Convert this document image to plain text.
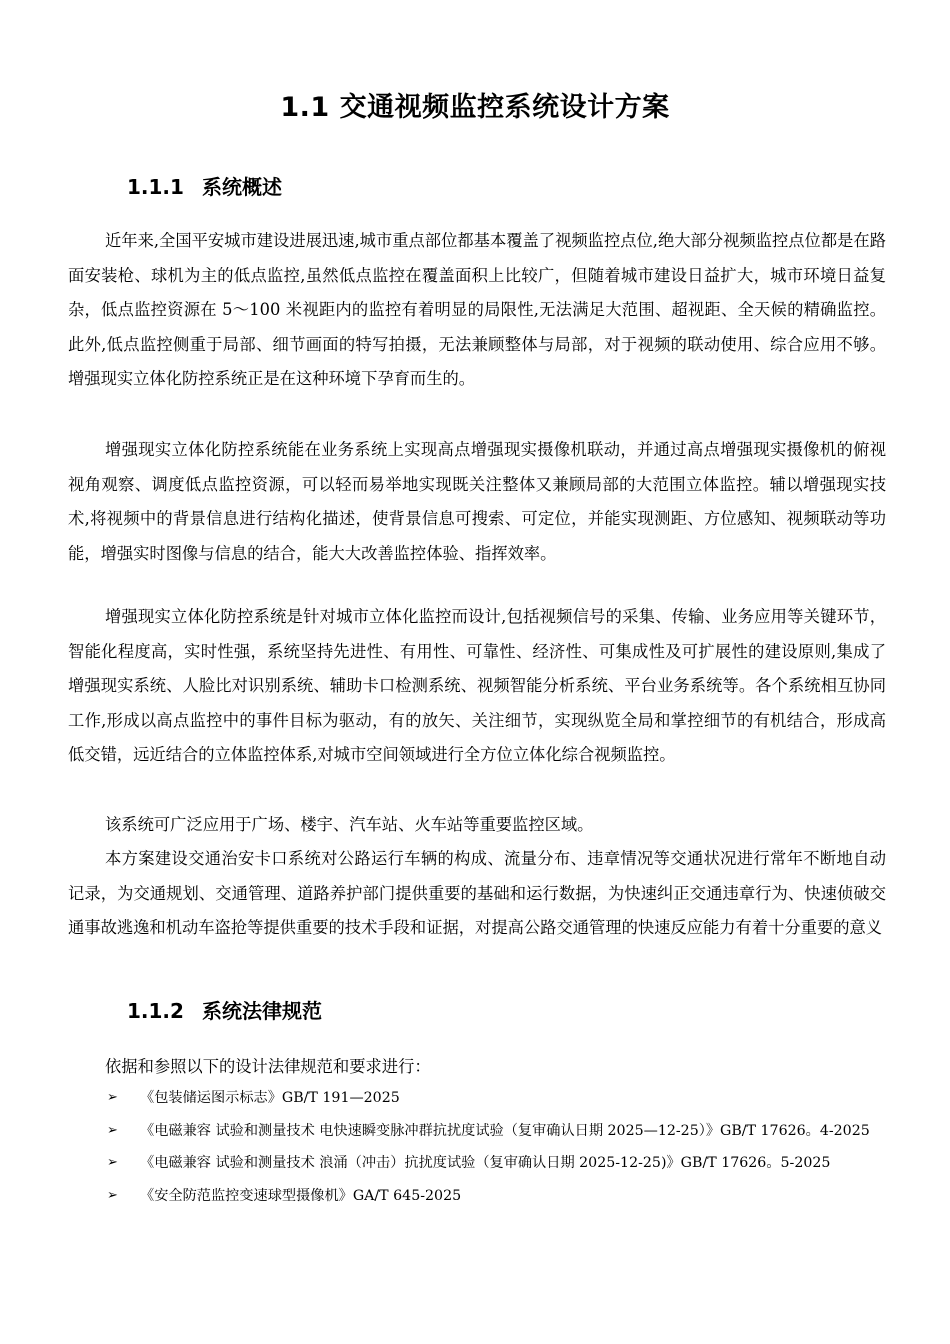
1.1 交通视频监控系统设计方案
1.1.1 系统概述

近年来,全国平安城市建设进展迅速,城市重点部位都基本覆盖了视频监控点位,绝大部分视频监控点位都是在路面安装枪、球机为主的低点监控,虽然低点监控在覆盖面积上比较广，但随着城市建设日益扩大，城市环境日益复杂，低点监控资源在 5～100 米视距内的监控有着明显的局限性,无法满足大范围、超视距、全天候的精确监控。此外,低点监控侧重于局部、细节画面的特写拍摄，无法兼顾整体与局部，对于视频的联动使用、综合应用不够。增强现实立体化防控系统正是在这种环境下孕育而生的。

增强现实立体化防控系统能在业务系统上实现高点增强现实摄像机联动，并通过高点增强现实摄像机的俯视视角观察、调度低点监控资源，可以轻而易举地实现既关注整体又兼顾局部的大范围立体监控。辅以增强现实技术,将视频中的背景信息进行结构化描述，使背景信息可搜索、可定位，并能实现测距、方位感知、视频联动等功能，增强实时图像与信息的结合，能大大改善监控体验、指挥效率。

增强现实立体化防控系统是针对城市立体化监控而设计,包括视频信号的采集、传输、业务应用等关键环节，智能化程度高，实时性强，系统坚持先进性、有用性、可靠性、经济性、可集成性及可扩展性的建设原则,集成了增强现实系统、人脸比对识别系统、辅助卡口检测系统、视频智能分析系统、平台业务系统等。各个系统相互协同工作,形成以高点监控中的事件目标为驱动，有的放矢、关注细节，实现纵览全局和掌控细节的有机结合，形成高低交错，远近结合的立体监控体系,对城市空间领域进行全方位立体化综合视频监控。

该系统可广泛应用于广场、楼宇、汽车站、火车站等重要监控区域。

本方案建设交通治安卡口系统对公路运行车辆的构成、流量分布、违章情况等交通状况进行常年不断地自动记录，为交通规划、交通管理、道路养护部门提供重要的基础和运行数据，为快速纠正交通违章行为、快速侦破交通事故逃逸和机动车盗抢等提供重要的技术手段和证据，对提高公路交通管理的快速反应能力有着十分重要的意义

1.1.2 系统法律规范

依据和参照以下的设计法律规范和要求进行：

➢ 《包装储运图示标志》GB/T 191—2025
➢ 《电磁兼容 试验和测量技术 电快速瞬变脉冲群抗扰度试验（复审确认日期 2025—12-25）》GB/T 17626。4-2025
➢ 《电磁兼容 试验和测量技术 浪涌（冲击）抗扰度试验（复审确认日期 2025-12-25)》GB/T 17626。5-2025
➢ 《安全防范监控变速球型摄像机》GA/T 645-2025
